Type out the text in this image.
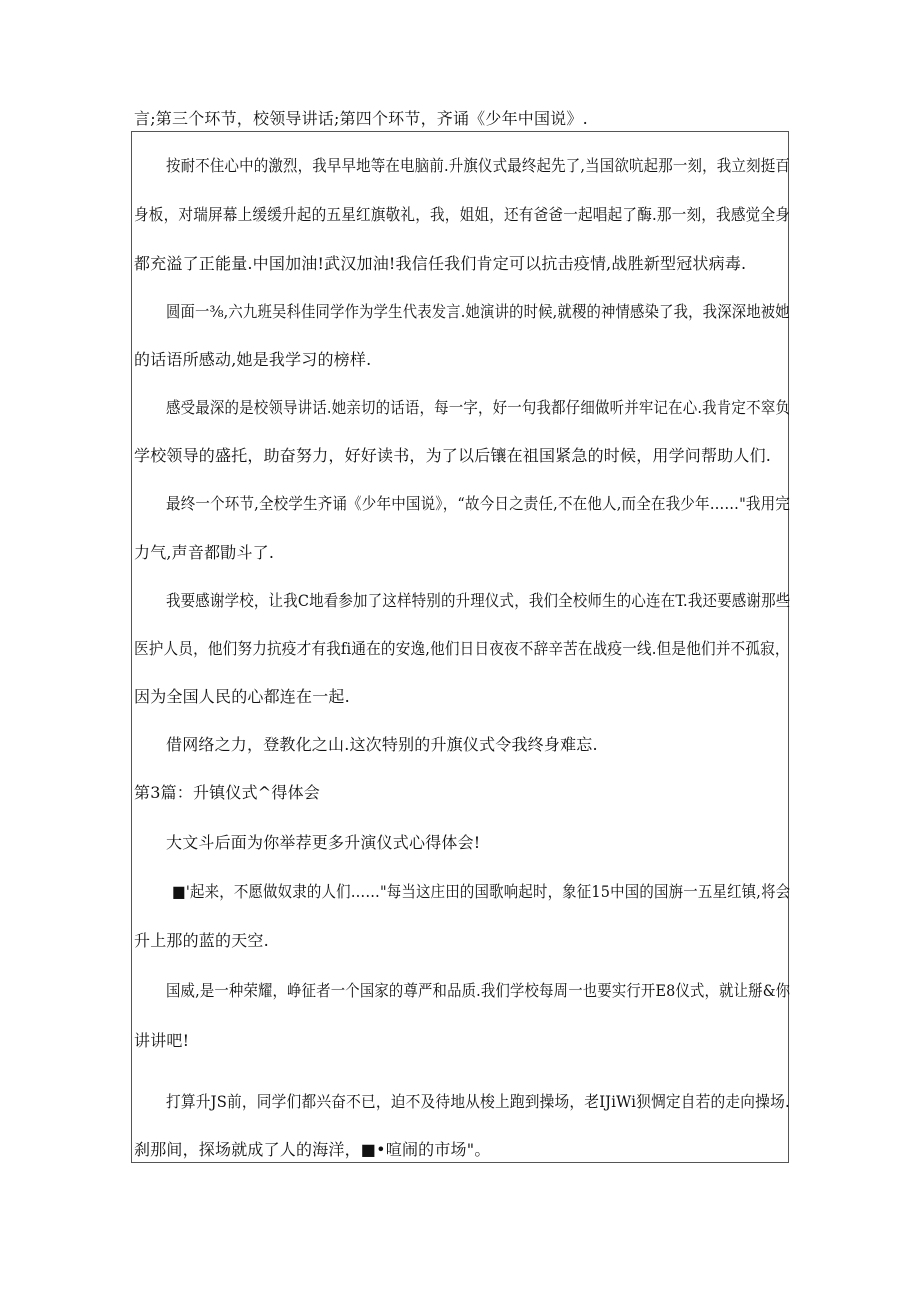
言;第三个环节，校领导讲话;第四个环节，齐诵《少年中国说》.
按耐不住心中的激烈，我早早地等在电脑前.升旗仪式最终起先了,当国欲吭起那一刻，我立刻挺百
身板，对瑞屏幕上缓缓升起的五星红旗敬礼，我，姐姐，还有爸爸一起唱起了酶.那一刻，我感觉全身
都充溢了正能量.中国加油!武汉加油!我信任我们肯定可以抗击疫情,战胜新型冠状病毒.
圆面一⅜,六九班吴科佳同学作为学生代表发言.她演讲的时候,就稷的神情感染了我，我深深地被她
的话语所感动,她是我学习的榜样.
感受最深的是校领导讲话.她亲切的话语，每一字，好一句我都仔细做听并牢记在心.我肯定不窣负
学校领导的盛托，助奋努力，好好读书，为了以后镶在祖国紧急的时候，用学问帮助人们.
最终一个环节,全校学生齐诵《少年中国说》，“故今日之责任,不在他人,而全在我少年……"我用完
力气,声音都勖斗了.
我要感谢学校，让我C地看参加了这样特别的升理仪式，我们全校师生的心连在T.我还要感谢那些
医护人员，他们努力抗疫才有我fi通在的安逸,他们日日夜夜不辞辛苦在战疫一线.但是他们并不孤寂，
因为全国人民的心都连在一起.
借网络之力，登教化之山.这次特别的升旗仪式令我终身难忘.
第3篇：升镇仪式^得体会
大文斗后面为你举荐更多升演仪式心得体会!
■'起来，不愿做奴隶的人们……"每当这庄田的国歌响起时，象征15中国的国旃一五星红镇,将会
升上那的蓝的天空.
国威,是一种荣耀，峥征者一个国家的尊严和品质.我们学校每周一也要实行开E8仪式，就让掰&你
讲讲吧!
打算升JS前，同学们都兴奋不已，迫不及待地从梭上跑到操场，老IJiWi狈惆定自若的走向操场.
刹那间，探场就成了人的海洋，■•喧闹的市场"。
